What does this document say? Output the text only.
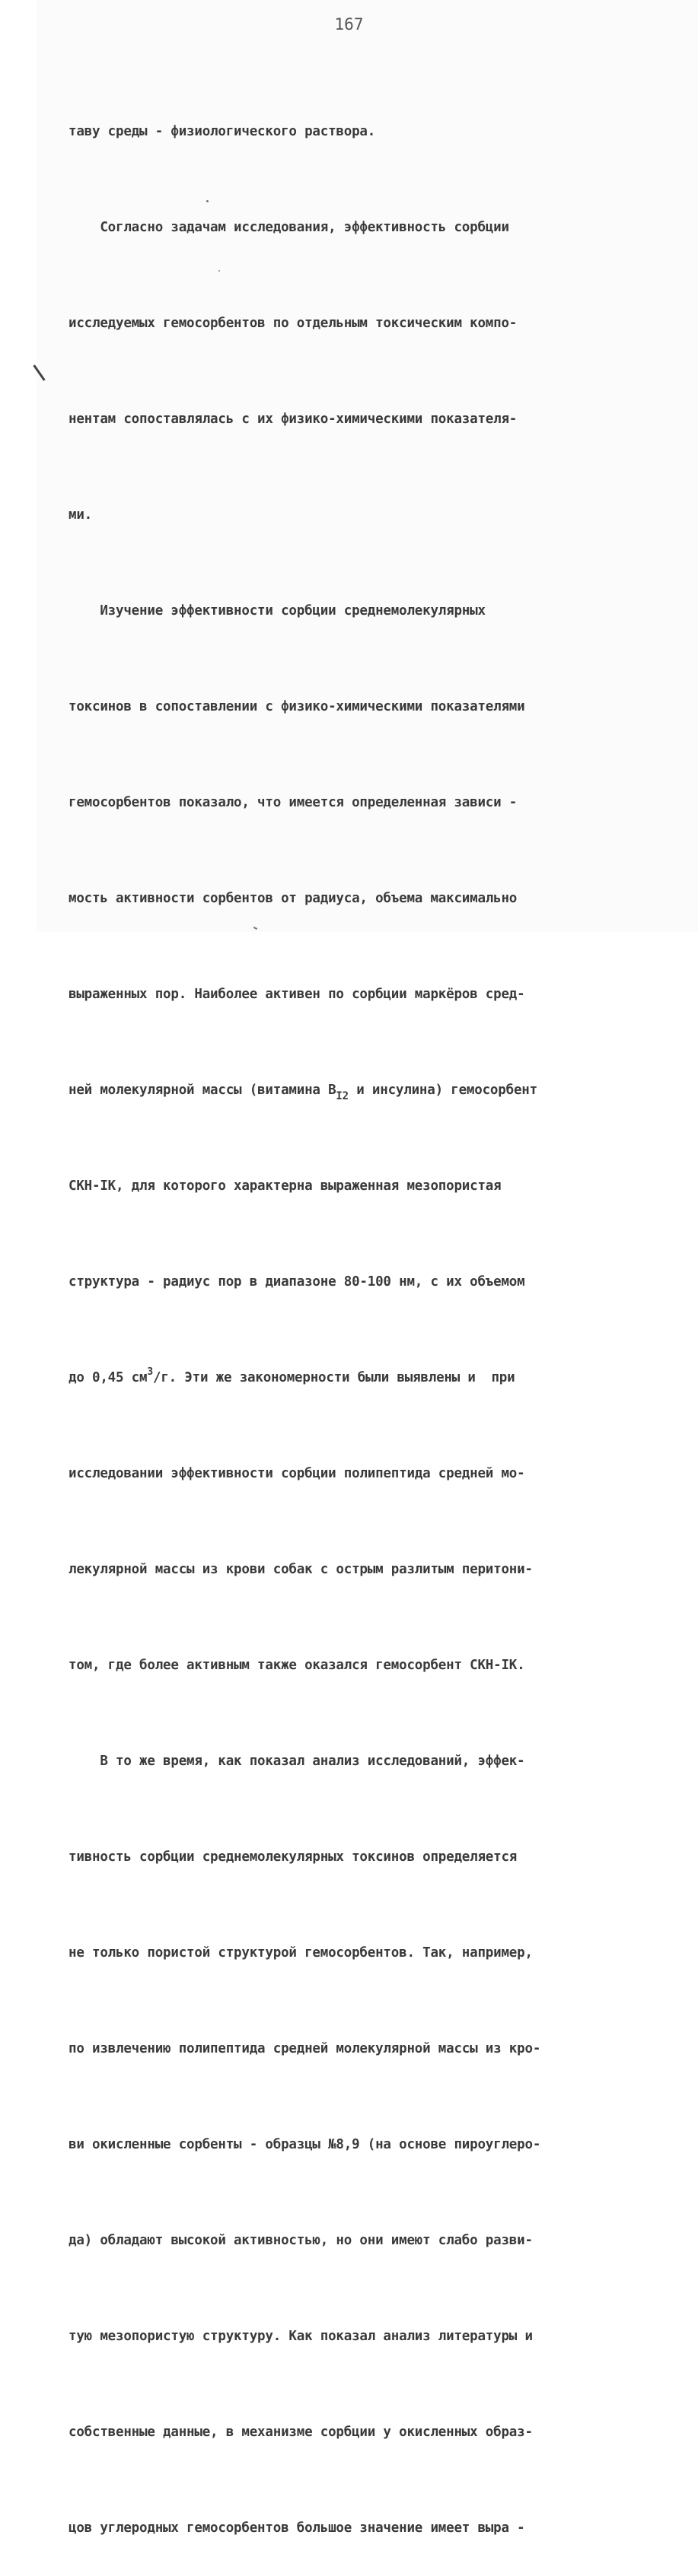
167

таву среды - физиологического раствора.

Согласно задачам исследования, эффективность сорбции

исследуемых гемосорбентов по отдельным токсическим компо-

нентам сопоставлялась с их физико-химическими показателя-

ми.

Изучение эффективности сорбции среднемолекулярных

токсинов в сопоставлении с физико-химическими показателями

гемосорбентов показало, что имеется определенная зависи -

мость активности сорбентов от радиуса, объема максимально

выраженных пор. Наиболее активен по сорбции маркёров сред-

ней молекулярной массы (витамина $B_{I2}$ и инсулина) гемосорбент

СКН-IК, для которого характерна выраженная мезопористая

структура - радиус пор в диапазоне 80-100 нм, с их объемом

до 0,45 $см^3/г$. Эти же закономерности были выявлены и  при

исследовании эффективности сорбции полипептида средней мо-

лекулярной массы из крови собак с острым разлитым перитони-

том, где более активным также оказался гемосорбент СКН-IК.

В то же время, как показал анализ исследований, эффек-

тивность сорбции среднемолекулярных токсинов определяется

не только пористой структурой гемосорбентов. Так, например,

по извлечению полипептида средней молекулярной массы из кро-

ви окисленные сорбенты - образцы №8,9 (на основе пироуглеро-

да) обладают высокой активностью, но они имеют слабо разви-

тую мезопористую структуру. Как показал анализ литературы и

собственные данные, в механизме сорбции у окисленных образ-

цов углеродных гемосорбентов большое значение имеет выра -
